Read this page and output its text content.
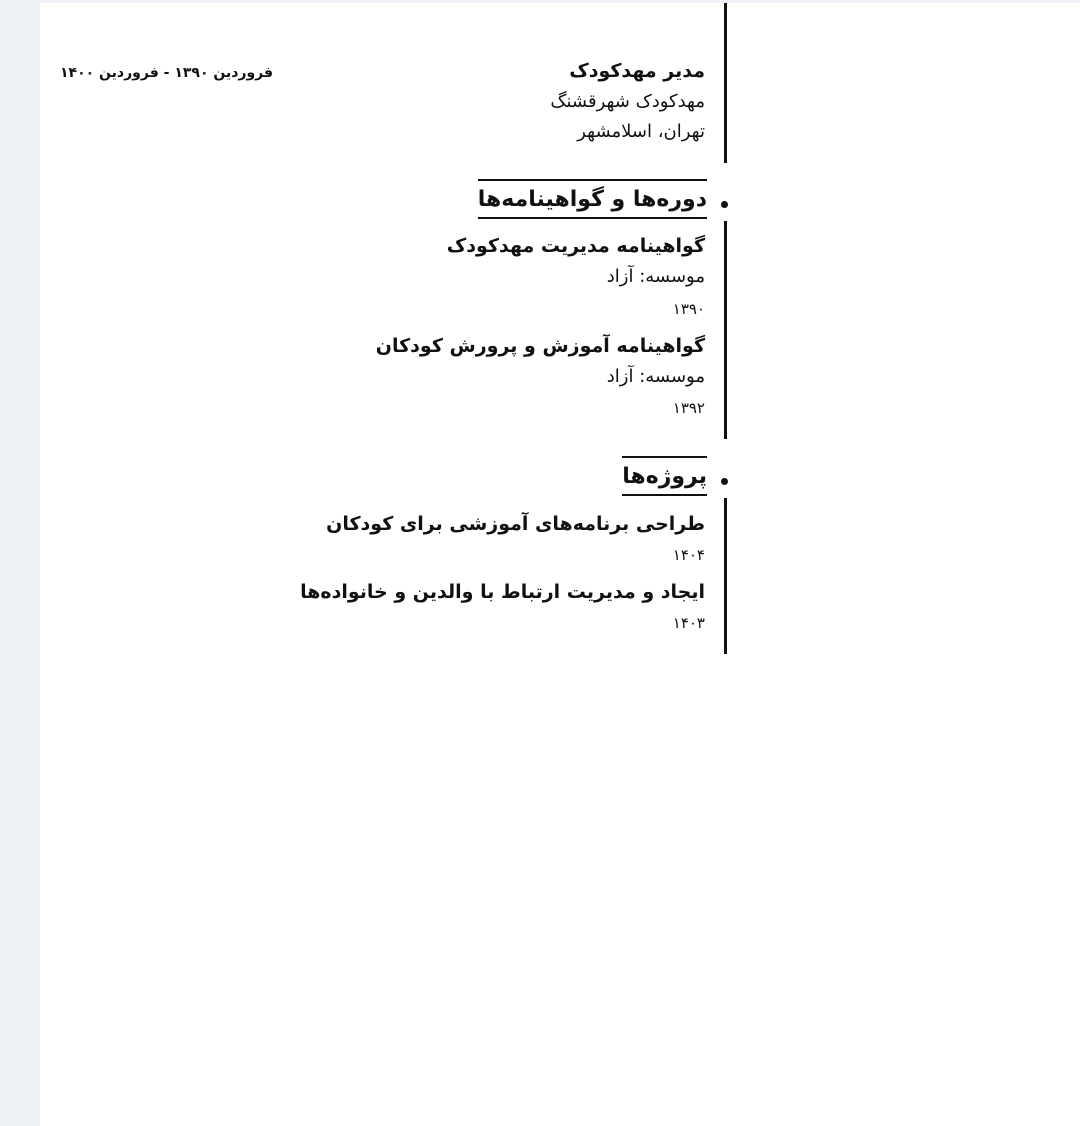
مدیر مهدکودک
مهدکودک شهرقشنگ
تهران، اسلامشهر
فروردین ۱۳۹۰ - فروردین ۱۴۰۰
دوره‌ها و گواهینامه‌ها
گواهینامه مدیریت مهدکودک
موسسه: آزاد
۱۳۹۰
گواهینامه آموزش و پرورش کودکان
موسسه: آزاد
۱۳۹۲
پروژه‌ها
طراحی برنامه‌های آموزشی برای کودکان
۱۴۰۴
ایجاد و مدیریت ارتباط با والدین و خانواده‌ها
۱۴۰۳
